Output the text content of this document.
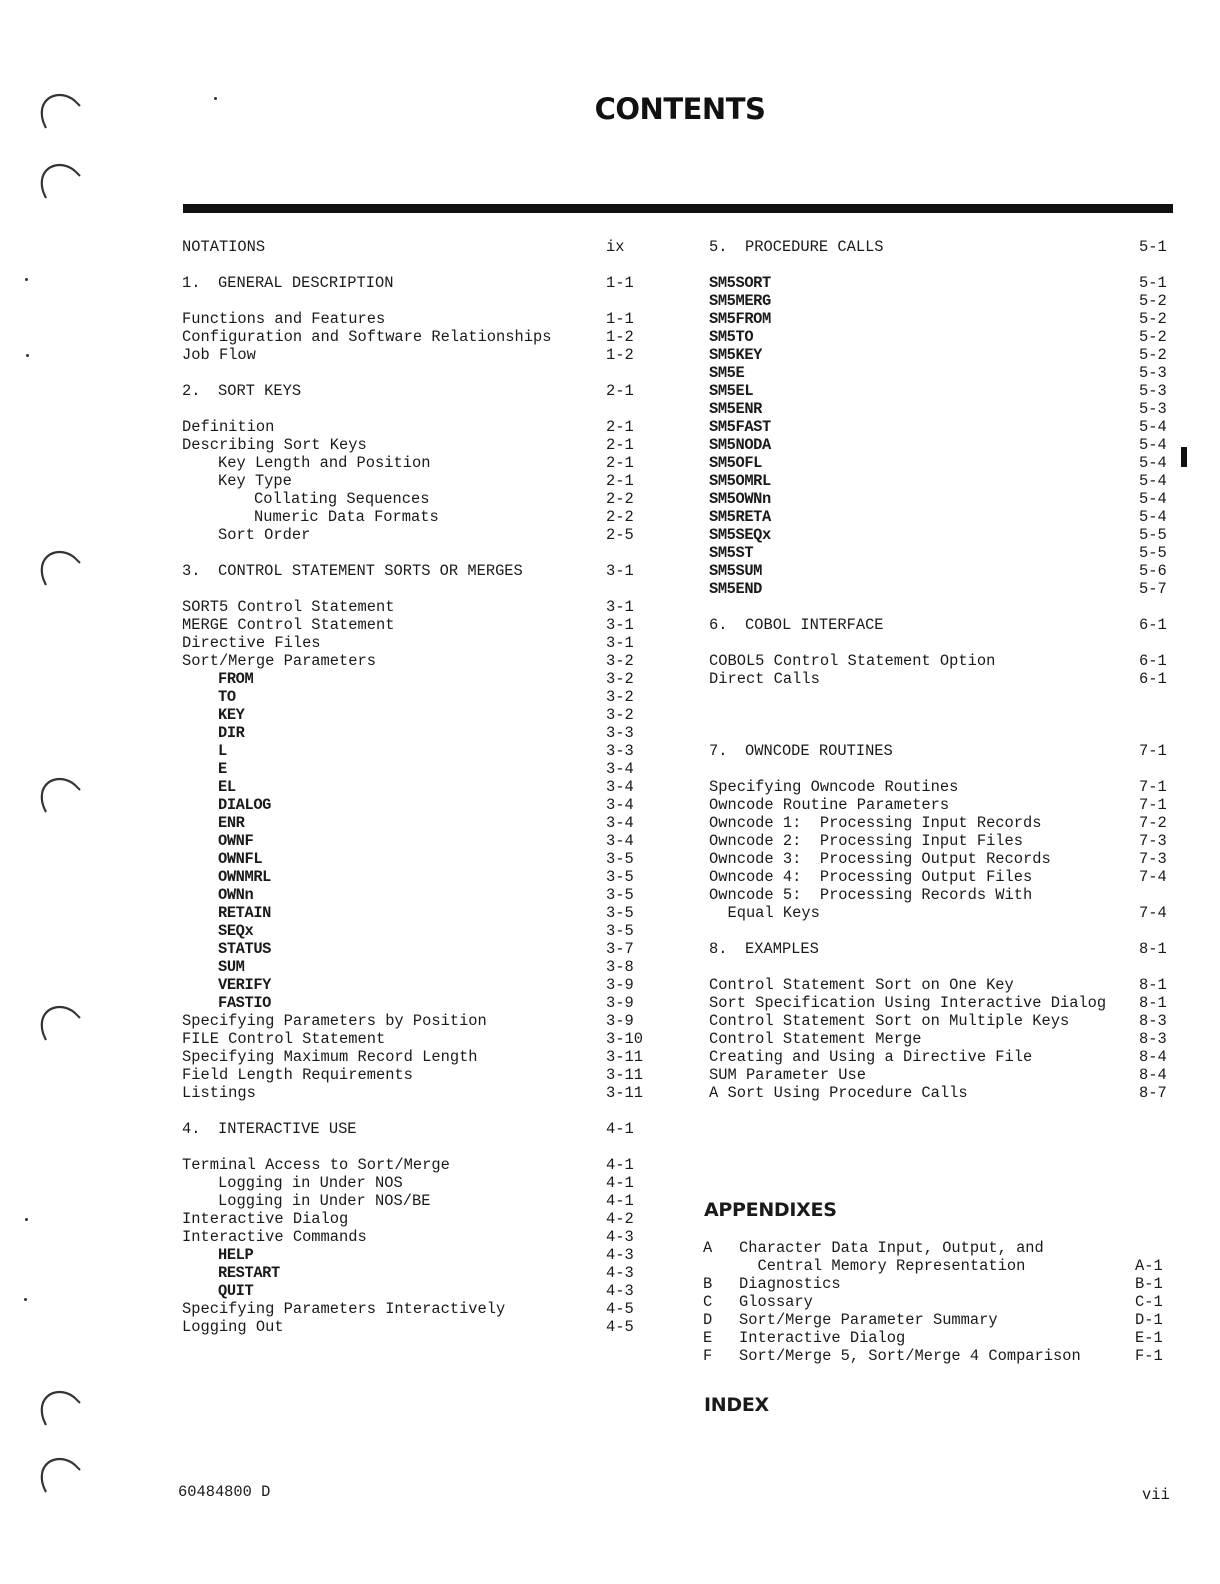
CONTENTS
NOTATIONS	ix
1. GENERAL DESCRIPTION	1-1
Functions and Features	1-1
Configuration and Software Relationships	1-2
Job Flow	1-2
2. SORT KEYS	2-1
Definition	2-1
Describing Sort Keys	2-1
Key Length and Position	2-1
Key Type	2-1
Collating Sequences	2-2
Numeric Data Formats	2-2
Sort Order	2-5
3. CONTROL STATEMENT SORTS OR MERGES	3-1
SORT5 Control Statement	3-1
MERGE Control Statement	3-1
Directive Files	3-1
Sort/Merge Parameters	3-2
FROM	3-2
TO	3-2
KEY	3-2
DIR	3-3
L	3-3
E	3-4
EL	3-4
DIALOG	3-4
ENR	3-4
OWNF	3-4
OWNFL	3-5
OWNMRL	3-5
OWNn	3-5
RETAIN	3-5
SEQx	3-5
STATUS	3-7
SUM	3-8
VERIFY	3-9
FASTIO	3-9
Specifying Parameters by Position	3-9
FILE Control Statement	3-10
Specifying Maximum Record Length	3-11
Field Length Requirements	3-11
Listings	3-11
4. INTERACTIVE USE	4-1
Terminal Access to Sort/Merge	4-1
Logging in Under NOS	4-1
Logging in Under NOS/BE	4-1
Interactive Dialog	4-2
Interactive Commands	4-3
HELP	4-3
RESTART	4-3
QUIT	4-3
Specifying Parameters Interactively	4-5
Logging Out	4-5
5. PROCEDURE CALLS	5-1
SM5SORT	5-1
SM5MERG	5-2
SM5FROM	5-2
SM5TO	5-2
SM5KEY	5-2
SM5E	5-3
SM5EL	5-3
SM5ENR	5-3
SM5FAST	5-4
SM5NODA	5-4
SM5OFL	5-4
SM5OMRL	5-4
SM5OWNn	5-4
SM5RETA	5-4
SM5SEQx	5-5
SM5ST	5-5
SM5SUM	5-6
SM5END	5-7
6. COBOL INTERFACE	6-1
COBOL5 Control Statement Option	6-1
Direct Calls	6-1
7. OWNCODE ROUTINES	7-1
Specifying Owncode Routines	7-1
Owncode Routine Parameters	7-1
Owncode 1:  Processing Input Records	7-2
Owncode 2:  Processing Input Files	7-3
Owncode 3:  Processing Output Records	7-3
Owncode 4:  Processing Output Files	7-4
Owncode 5:  Processing Records With
Equal Keys	7-4
8. EXAMPLES	8-1
Control Statement Sort on One Key	8-1
Sort Specification Using Interactive Dialog 8-1
Control Statement Sort on Multiple Keys	8-3
Control Statement Merge	8-3
Creating and Using a Directive File	8-4
SUM Parameter Use	8-4
A Sort Using Procedure Calls	8-7
APPENDIXES
A Character Data Input, Output, and
Central Memory Representation	A-1
B Diagnostics	B-1
C Glossary	C-1
D Sort/Merge Parameter Summary	D-1
E Interactive Dialog	E-1
F Sort/Merge 5, Sort/Merge 4 Comparison	F-1
INDEX
60484800 D	vii
